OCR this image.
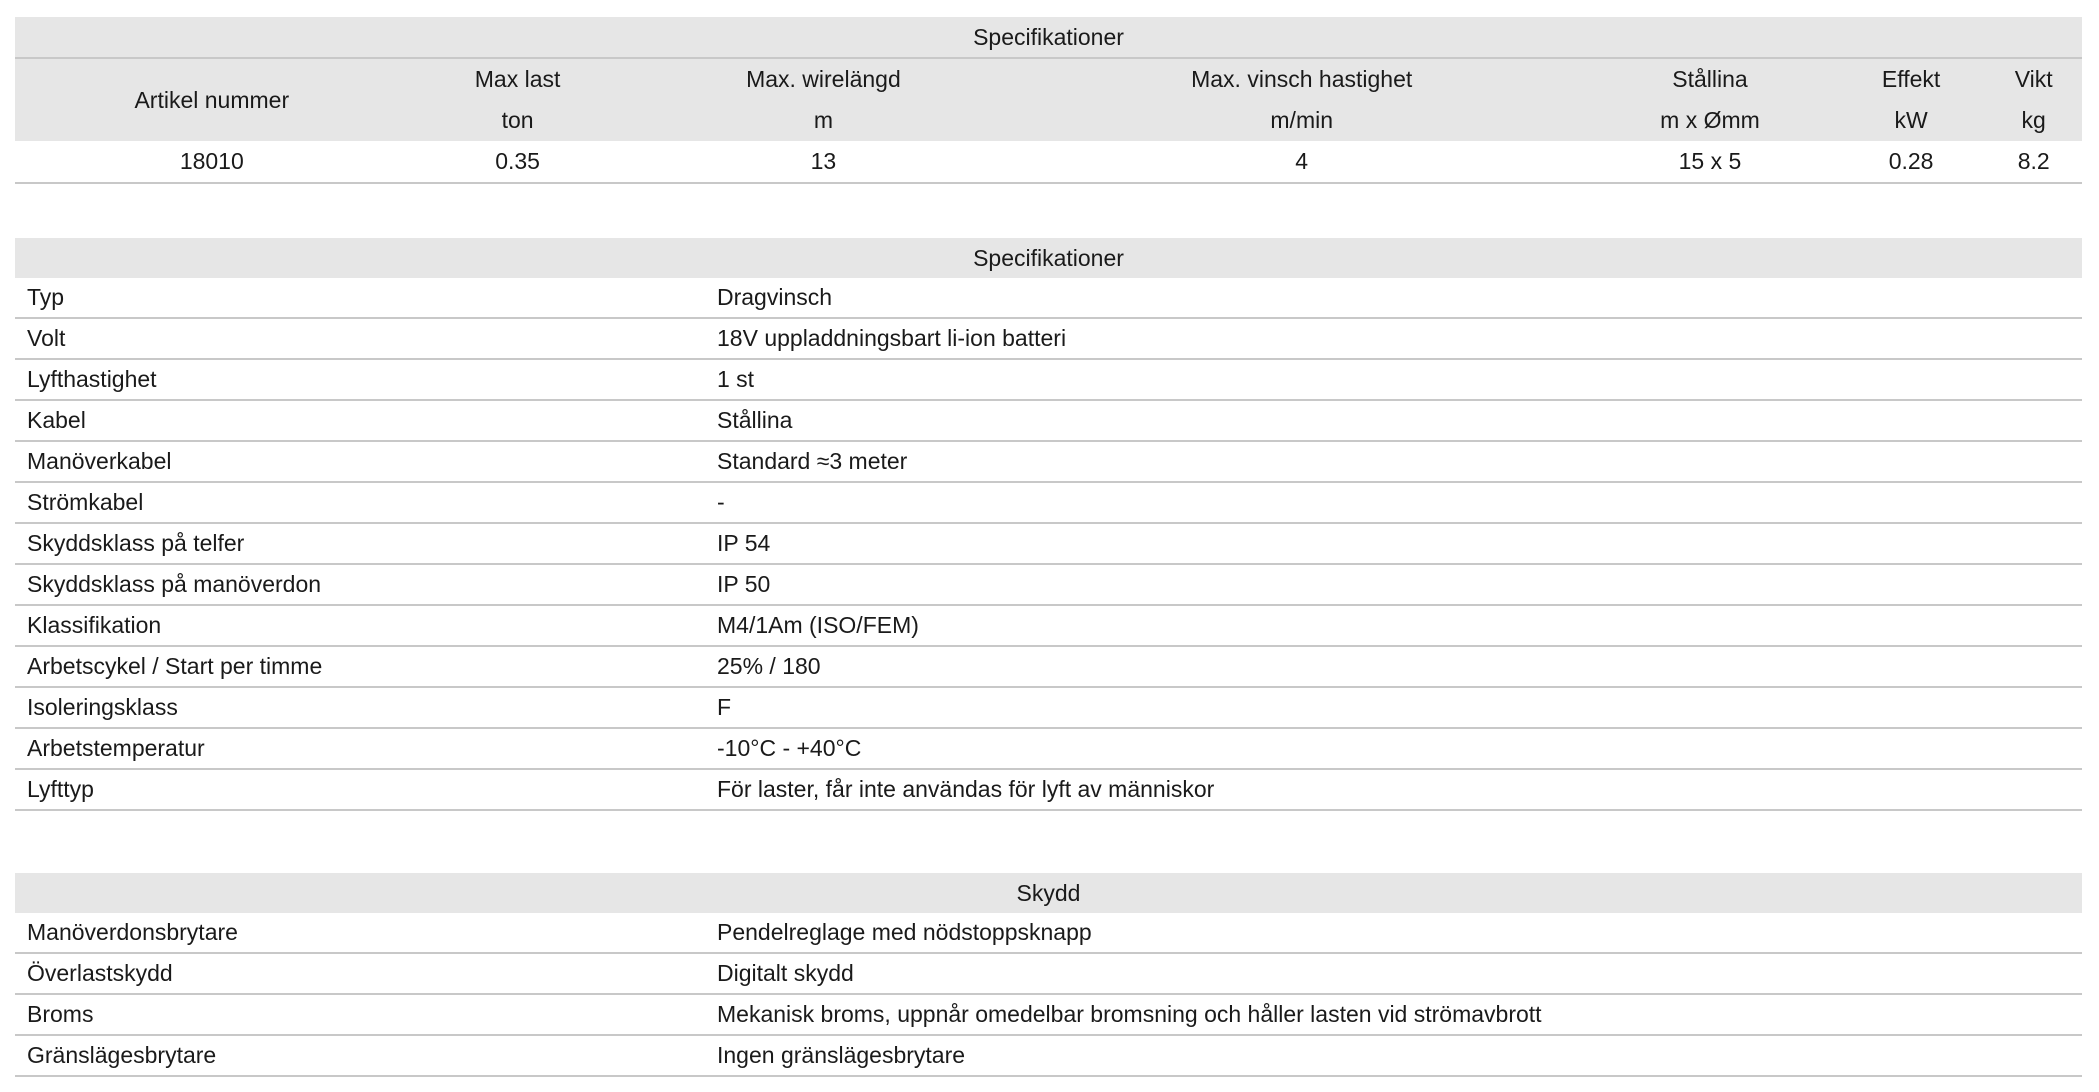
Specifikationer						
Artikel nummer	Max last	Max. wirelängd	Max. vinsch hastighet	Stållina	Effekt	Vikt
	ton	m	m/min	m x Ømm	kW	kg
18010	0.35	13	4	15 x 5	0.28	8.2
Specifikationer	
Typ	Dragvinsch
Volt	18V uppladdningsbart li-ion batteri
Lyfthastighet	1 st
Kabel	Stållina
Manöverkabel	Standard ≈3 meter
Strömkabel	-
Skyddsklass på telfer	IP 54
Skyddsklass på manöverdon	IP 50
Klassifikation	M4/1Am (ISO/FEM)
Arbetscykel / Start per timme	25% / 180
Isoleringsklass	F
Arbetstemperatur	-10°C - +40°C
Lyfttyp	För laster, får inte användas för lyft av människor
Skydd	
Manöverdonsbrytare	Pendelreglage med nödstoppsknapp
Överlastskydd	Digitalt skydd
Broms	Mekanisk broms, uppnår omedelbar bromsning och håller lasten vid strömavbrott
Gränslägesbrytare	Ingen gränslägesbrytare
